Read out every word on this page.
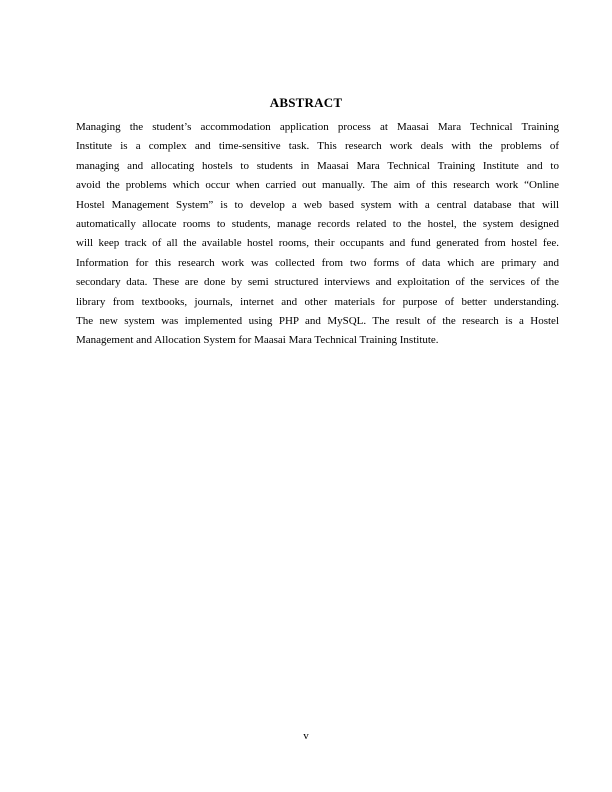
ABSTRACT
Managing the student’s accommodation application process at Maasai Mara Technical Training
Institute is a complex and time-sensitive task. This research work deals with the problems of
managing and allocating hostels to students in Maasai Mara Technical Training Institute and to
avoid the problems which occur when carried out manually. The aim of this research work “Online
Hostel Management System” is to develop a web based system with a central database that will
automatically allocate rooms to students, manage records related to the hostel, the system designed
will keep track of all the available hostel rooms, their occupants and fund generated from hostel fee.
Information for this research work was collected from two forms of data which are primary and
secondary data. These are done by semi structured interviews and exploitation of the services of the
library from textbooks, journals, internet and other materials for purpose of better understanding.
The new system was implemented using PHP and MySQL. The result of the research is a Hostel
Management and Allocation System for Maasai Mara Technical Training Institute.
v
